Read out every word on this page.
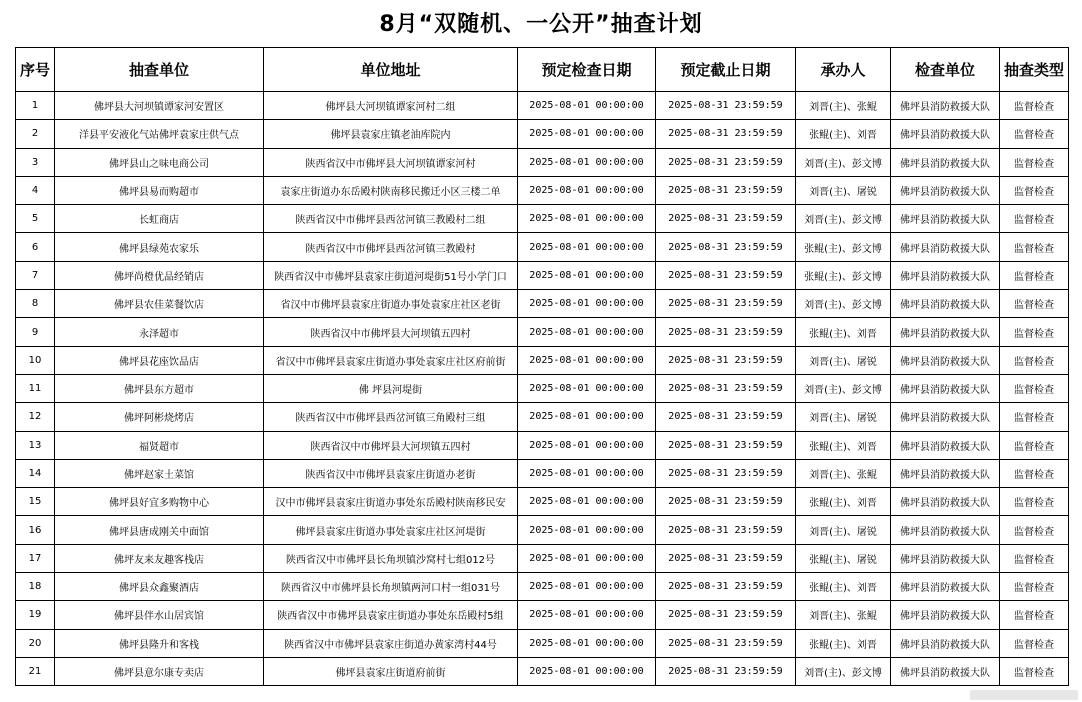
8月“双随机、一公开”抽查计划
序号	抽查单位	单位地址	预定检查日期	预定截止日期	承办人	检查单位	抽查类型
1	佛坪县大河坝镇谭家河安置区	佛坪县大河坝镇谭家河村二组	2025-08-01 00:00:00	2025-08-31 23:59:59	刘晋(主)、张鲲	佛坪县消防救援大队	监督检查
2	洋县平安液化气站佛坪袁家庄供气点	佛坪县袁家庄镇老油库院内	2025-08-01 00:00:00	2025-08-31 23:59:59	张鲲(主)、刘晋	佛坪县消防救援大队	监督检查
3	佛坪县山之味电商公司	陕西省汉中市佛坪县大河坝镇谭家河村	2025-08-01 00:00:00	2025-08-31 23:59:59	刘晋(主)、彭文博	佛坪县消防救援大队	监督检查
4	佛坪县易而购超市	袁家庄街道办东岳殿村陕南移民搬迁小区三楼二单	2025-08-01 00:00:00	2025-08-31 23:59:59	刘晋(主)、屠锐	佛坪县消防救援大队	监督检查
5	长虹商店	陕西省汉中市佛坪县西岔河镇三教殿村二组	2025-08-01 00:00:00	2025-08-31 23:59:59	刘晋(主)、彭文博	佛坪县消防救援大队	监督检查
6	佛坪县绿苑农家乐	陕西省汉中市佛坪县西岔河镇三教殿村	2025-08-01 00:00:00	2025-08-31 23:59:59	张鲲(主)、彭文博	佛坪县消防救援大队	监督检查
7	佛坪尚橙优品经销店	陕西省汉中市佛坪县袁家庄街道河堤街51号小学门口	2025-08-01 00:00:00	2025-08-31 23:59:59	张鲲(主)、彭文博	佛坪县消防救援大队	监督检查
8	佛坪县农佳菜餐饮店	省汉中市佛坪县袁家庄街道办事处袁家庄社区老街	2025-08-01 00:00:00	2025-08-31 23:59:59	刘晋(主)、彭文博	佛坪县消防救援大队	监督检查
9	永泽超市	陕西省汉中市佛坪县大河坝镇五四村	2025-08-01 00:00:00	2025-08-31 23:59:59	张鲲(主)、刘晋	佛坪县消防救援大队	监督检查
10	佛坪县花座饮品店	省汉中市佛坪县袁家庄街道办事处袁家庄社区府前街	2025-08-01 00:00:00	2025-08-31 23:59:59	刘晋(主)、屠锐	佛坪县消防救援大队	监督检查
11	佛坪县东方超市	佛 坪县河堤街	2025-08-01 00:00:00	2025-08-31 23:59:59	刘晋(主)、彭文博	佛坪县消防救援大队	监督检查
12	佛坪阿彬烧烤店	陕西省汉中市佛坪县西岔河镇三角殿村三组	2025-08-01 00:00:00	2025-08-31 23:59:59	刘晋(主)、屠锐	佛坪县消防救援大队	监督检查
13	福贤超市	陕西省汉中市佛坪县大河坝镇五四村	2025-08-01 00:00:00	2025-08-31 23:59:59	张鲲(主)、刘晋	佛坪县消防救援大队	监督检查
14	佛坪赵家土菜馆	陕西省汉中市佛坪县袁家庄街道办老街	2025-08-01 00:00:00	2025-08-31 23:59:59	刘晋(主)、张鲲	佛坪县消防救援大队	监督检查
15	佛坪县好宜多购物中心	汉中市佛坪县袁家庄街道办事处东岳殿村陕南移民安	2025-08-01 00:00:00	2025-08-31 23:59:59	张鲲(主)、刘晋	佛坪县消防救援大队	监督检查
16	佛坪县唐成刚关中面馆	佛坪县袁家庄街道办事处袁家庄社区河堤街	2025-08-01 00:00:00	2025-08-31 23:59:59	刘晋(主)、屠锐	佛坪县消防救援大队	监督检查
17	佛坪友来友趣客栈店	陕西省汉中市佛坪县长角坝镇沙窝村七组012号	2025-08-01 00:00:00	2025-08-31 23:59:59	张鲲(主)、屠锐	佛坪县消防救援大队	监督检查
18	佛坪县众鑫聚酒店	陕西省汉中市佛坪县长角坝镇两河口村一组031号	2025-08-01 00:00:00	2025-08-31 23:59:59	张鲲(主)、刘晋	佛坪县消防救援大队	监督检查
19	佛坪县伴水山居宾馆	陕西省汉中市佛坪县袁家庄街道办事处东岳殿村5组	2025-08-01 00:00:00	2025-08-31 23:59:59	刘晋(主)、张鲲	佛坪县消防救援大队	监督检查
20	佛坪县隆升和客栈	陕西省汉中市佛坪县袁家庄街道办黄家湾村44号	2025-08-01 00:00:00	2025-08-31 23:59:59	张鲲(主)、刘晋	佛坪县消防救援大队	监督检查
21	佛坪县意尔康专卖店	佛坪县袁家庄街道府前街	2025-08-01 00:00:00	2025-08-31 23:59:59	刘晋(主)、彭文博	佛坪县消防救援大队	监督检查
